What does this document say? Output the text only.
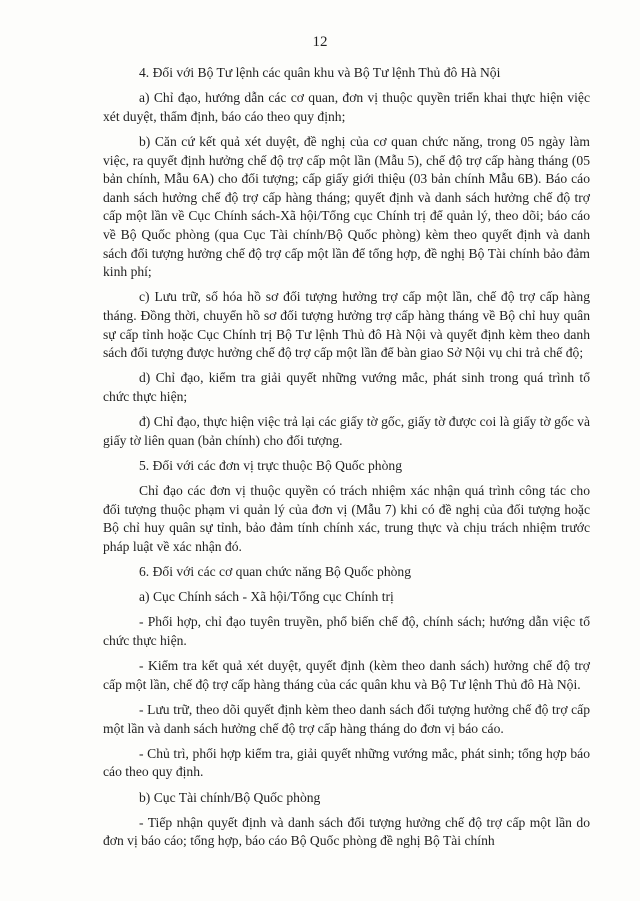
12

4. Đối với Bộ Tư lệnh các quân khu và Bộ Tư lệnh Thủ đô Hà Nội

a) Chỉ đạo, hướng dẫn các cơ quan, đơn vị thuộc quyền triển khai thực hiện việc xét duyệt, thẩm định, báo cáo theo quy định;

b) Căn cứ kết quả xét duyệt, đề nghị của cơ quan chức năng, trong 05 ngày làm việc, ra quyết định hưởng chế độ trợ cấp một lần (Mẫu 5), chế độ trợ cấp hàng tháng (05 bản chính, Mẫu 6A) cho đối tượng; cấp giấy giới thiệu (03 bản chính Mẫu 6B). Báo cáo danh sách hưởng chế độ trợ cấp hàng tháng; quyết định và danh sách hưởng chế độ trợ cấp một lần về Cục Chính sách-Xã hội/Tổng cục Chính trị để quản lý, theo dõi; báo cáo về Bộ Quốc phòng (qua Cục Tài chính/Bộ Quốc phòng) kèm theo quyết định và danh sách đối tượng hưởng chế độ trợ cấp một lần để tổng hợp, đề nghị Bộ Tài chính bảo đảm kinh phí;

c) Lưu trữ, số hóa hồ sơ đối tượng hưởng trợ cấp một lần, chế độ trợ cấp hàng tháng. Đồng thời, chuyển hồ sơ đối tượng hưởng trợ cấp hàng tháng về Bộ chỉ huy quân sự cấp tỉnh hoặc Cục Chính trị Bộ Tư lệnh Thủ đô Hà Nội và quyết định kèm theo danh sách đối tượng được hưởng chế độ trợ cấp một lần để bàn giao Sở Nội vụ chi trả chế độ;

d) Chỉ đạo, kiểm tra giải quyết những vướng mắc, phát sinh trong quá trình tổ chức thực hiện;

đ) Chỉ đạo, thực hiện việc trả lại các giấy tờ gốc, giấy tờ được coi là giấy tờ gốc và giấy tờ liên quan (bản chính) cho đối tượng.

5. Đối với các đơn vị trực thuộc Bộ Quốc phòng

Chỉ đạo các đơn vị thuộc quyền có trách nhiệm xác nhận quá trình công tác cho đối tượng thuộc phạm vi quản lý của đơn vị (Mẫu 7) khi có đề nghị của đối tượng hoặc Bộ chỉ huy quân sự tỉnh, bảo đảm tính chính xác, trung thực và chịu trách nhiệm trước pháp luật về xác nhận đó.

6. Đối với các cơ quan chức năng Bộ Quốc phòng

a) Cục Chính sách - Xã hội/Tổng cục Chính trị

- Phối hợp, chỉ đạo tuyên truyền, phổ biến chế độ, chính sách; hướng dẫn việc tổ chức thực hiện.

- Kiểm tra kết quả xét duyệt, quyết định (kèm theo danh sách) hưởng chế độ trợ cấp một lần, chế độ trợ cấp hàng tháng của các quân khu và Bộ Tư lệnh Thủ đô Hà Nội.

- Lưu trữ, theo dõi quyết định kèm theo danh sách đối tượng hưởng chế độ trợ cấp một lần và danh sách hưởng chế độ trợ cấp hàng tháng do đơn vị báo cáo.

- Chủ trì, phối hợp kiểm tra, giải quyết những vướng mắc, phát sinh; tổng hợp báo cáo theo quy định.

b) Cục Tài chính/Bộ Quốc phòng

- Tiếp nhận quyết định và danh sách đối tượng hưởng chế độ trợ cấp một lần do đơn vị báo cáo; tổng hợp, báo cáo Bộ Quốc phòng đề nghị Bộ Tài chính
